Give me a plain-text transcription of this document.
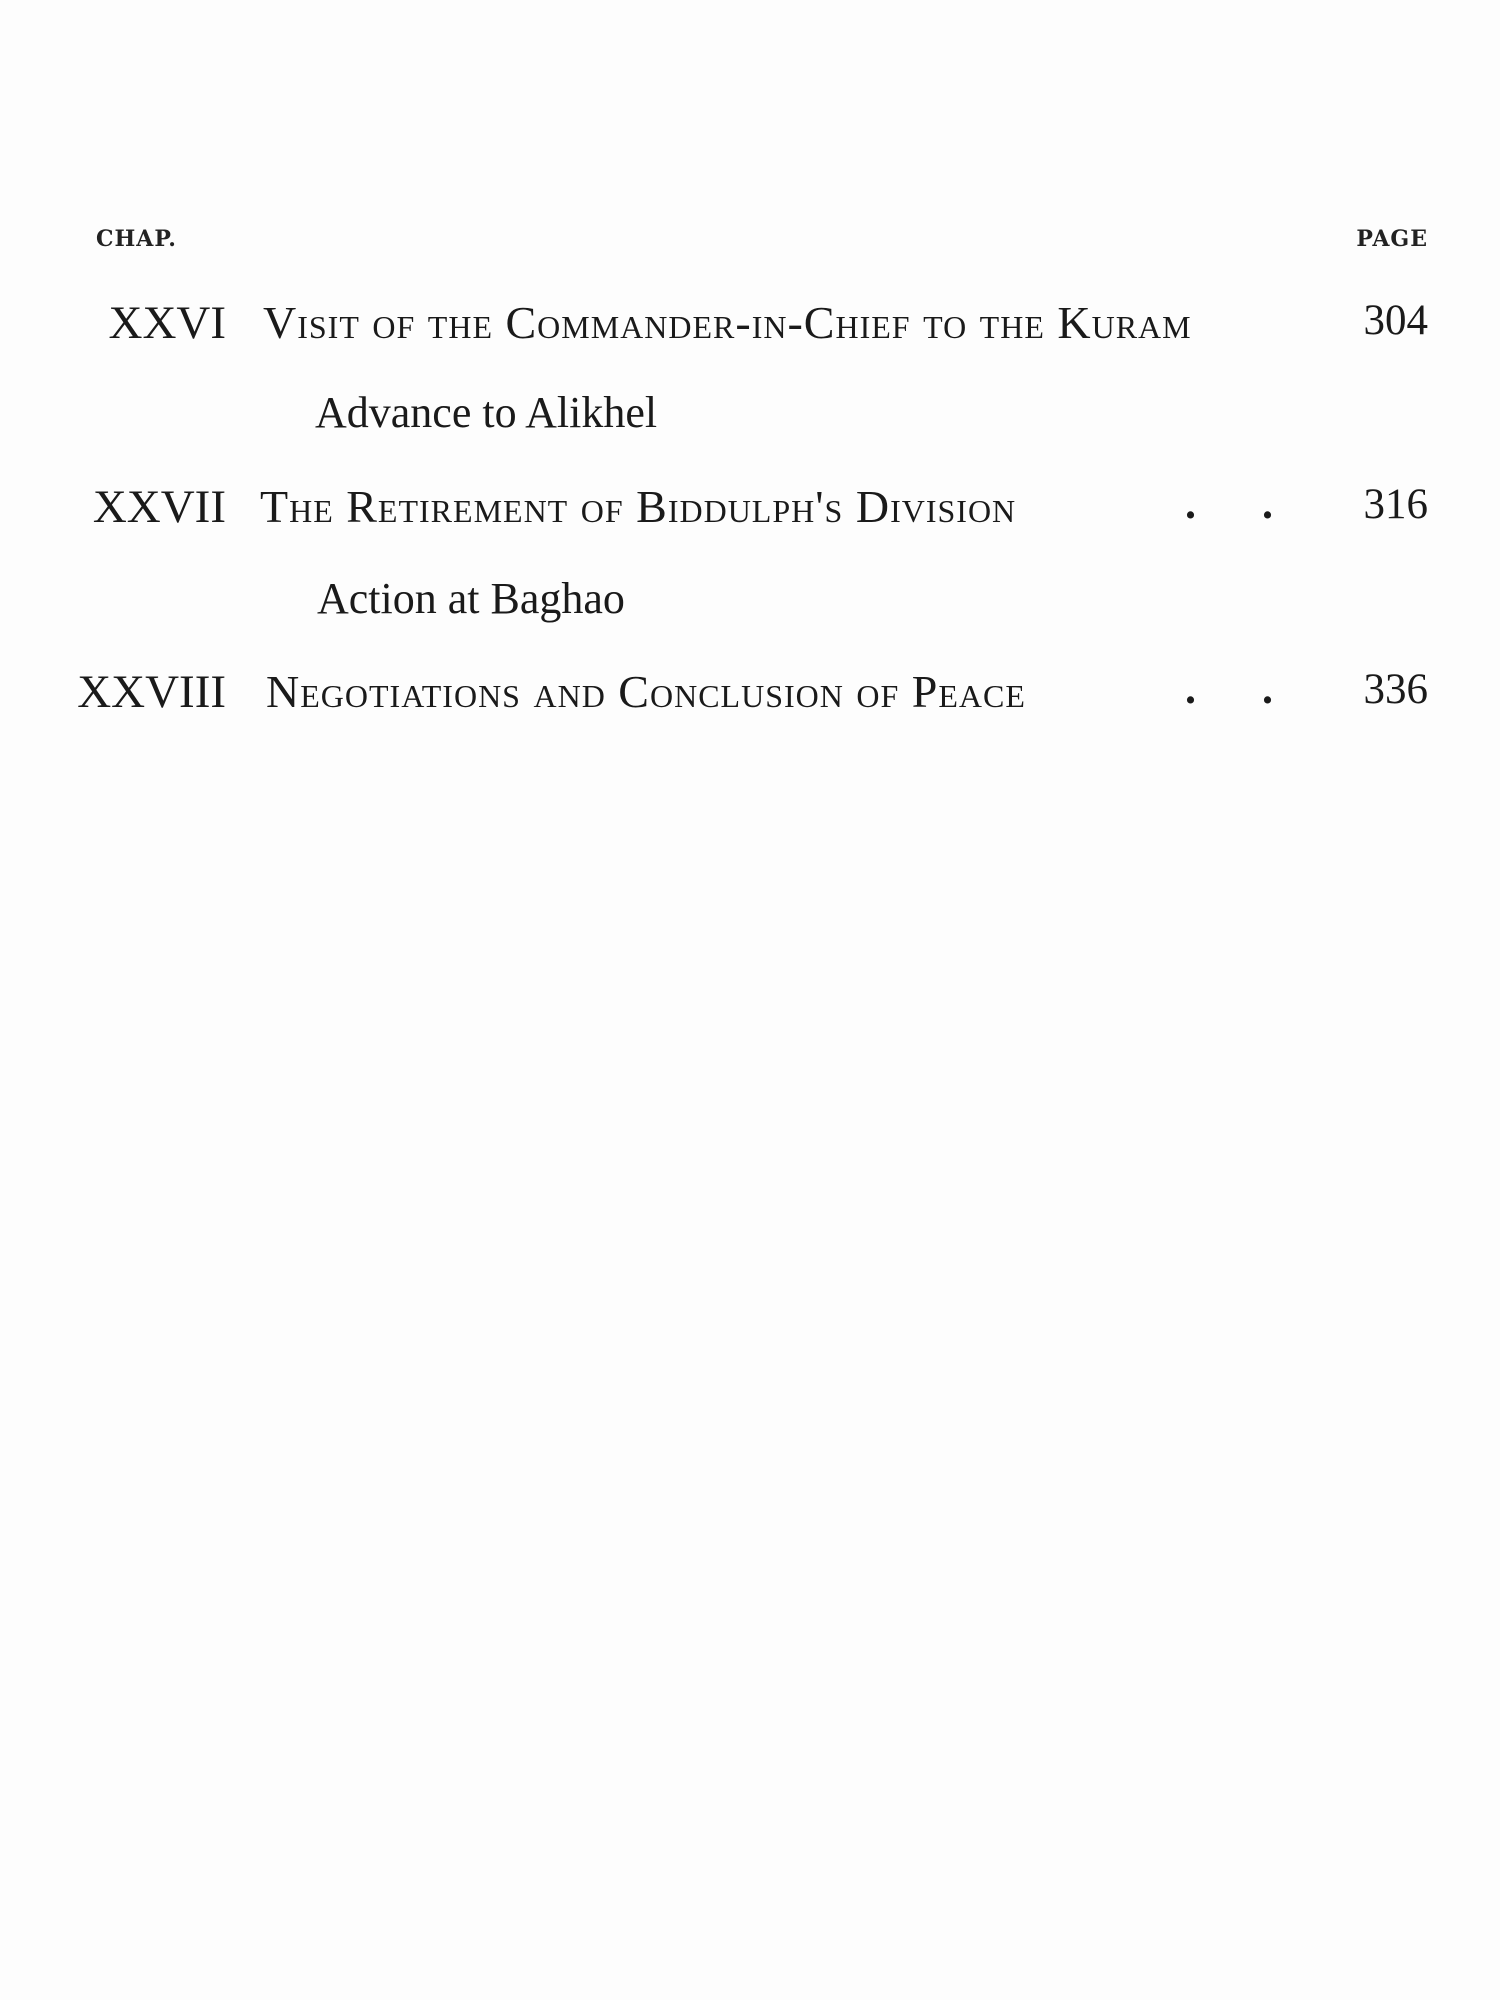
CHAP.	PAGE
XXVI Visit of the Commander-in-Chief to the Kuram	304
Advance to Alikhel
XXVII The Retirement of Biddulph's Division	.      .	316
Action at Baghao
XXVIII Negotiations and Conclusion of Peace	.      .	336
